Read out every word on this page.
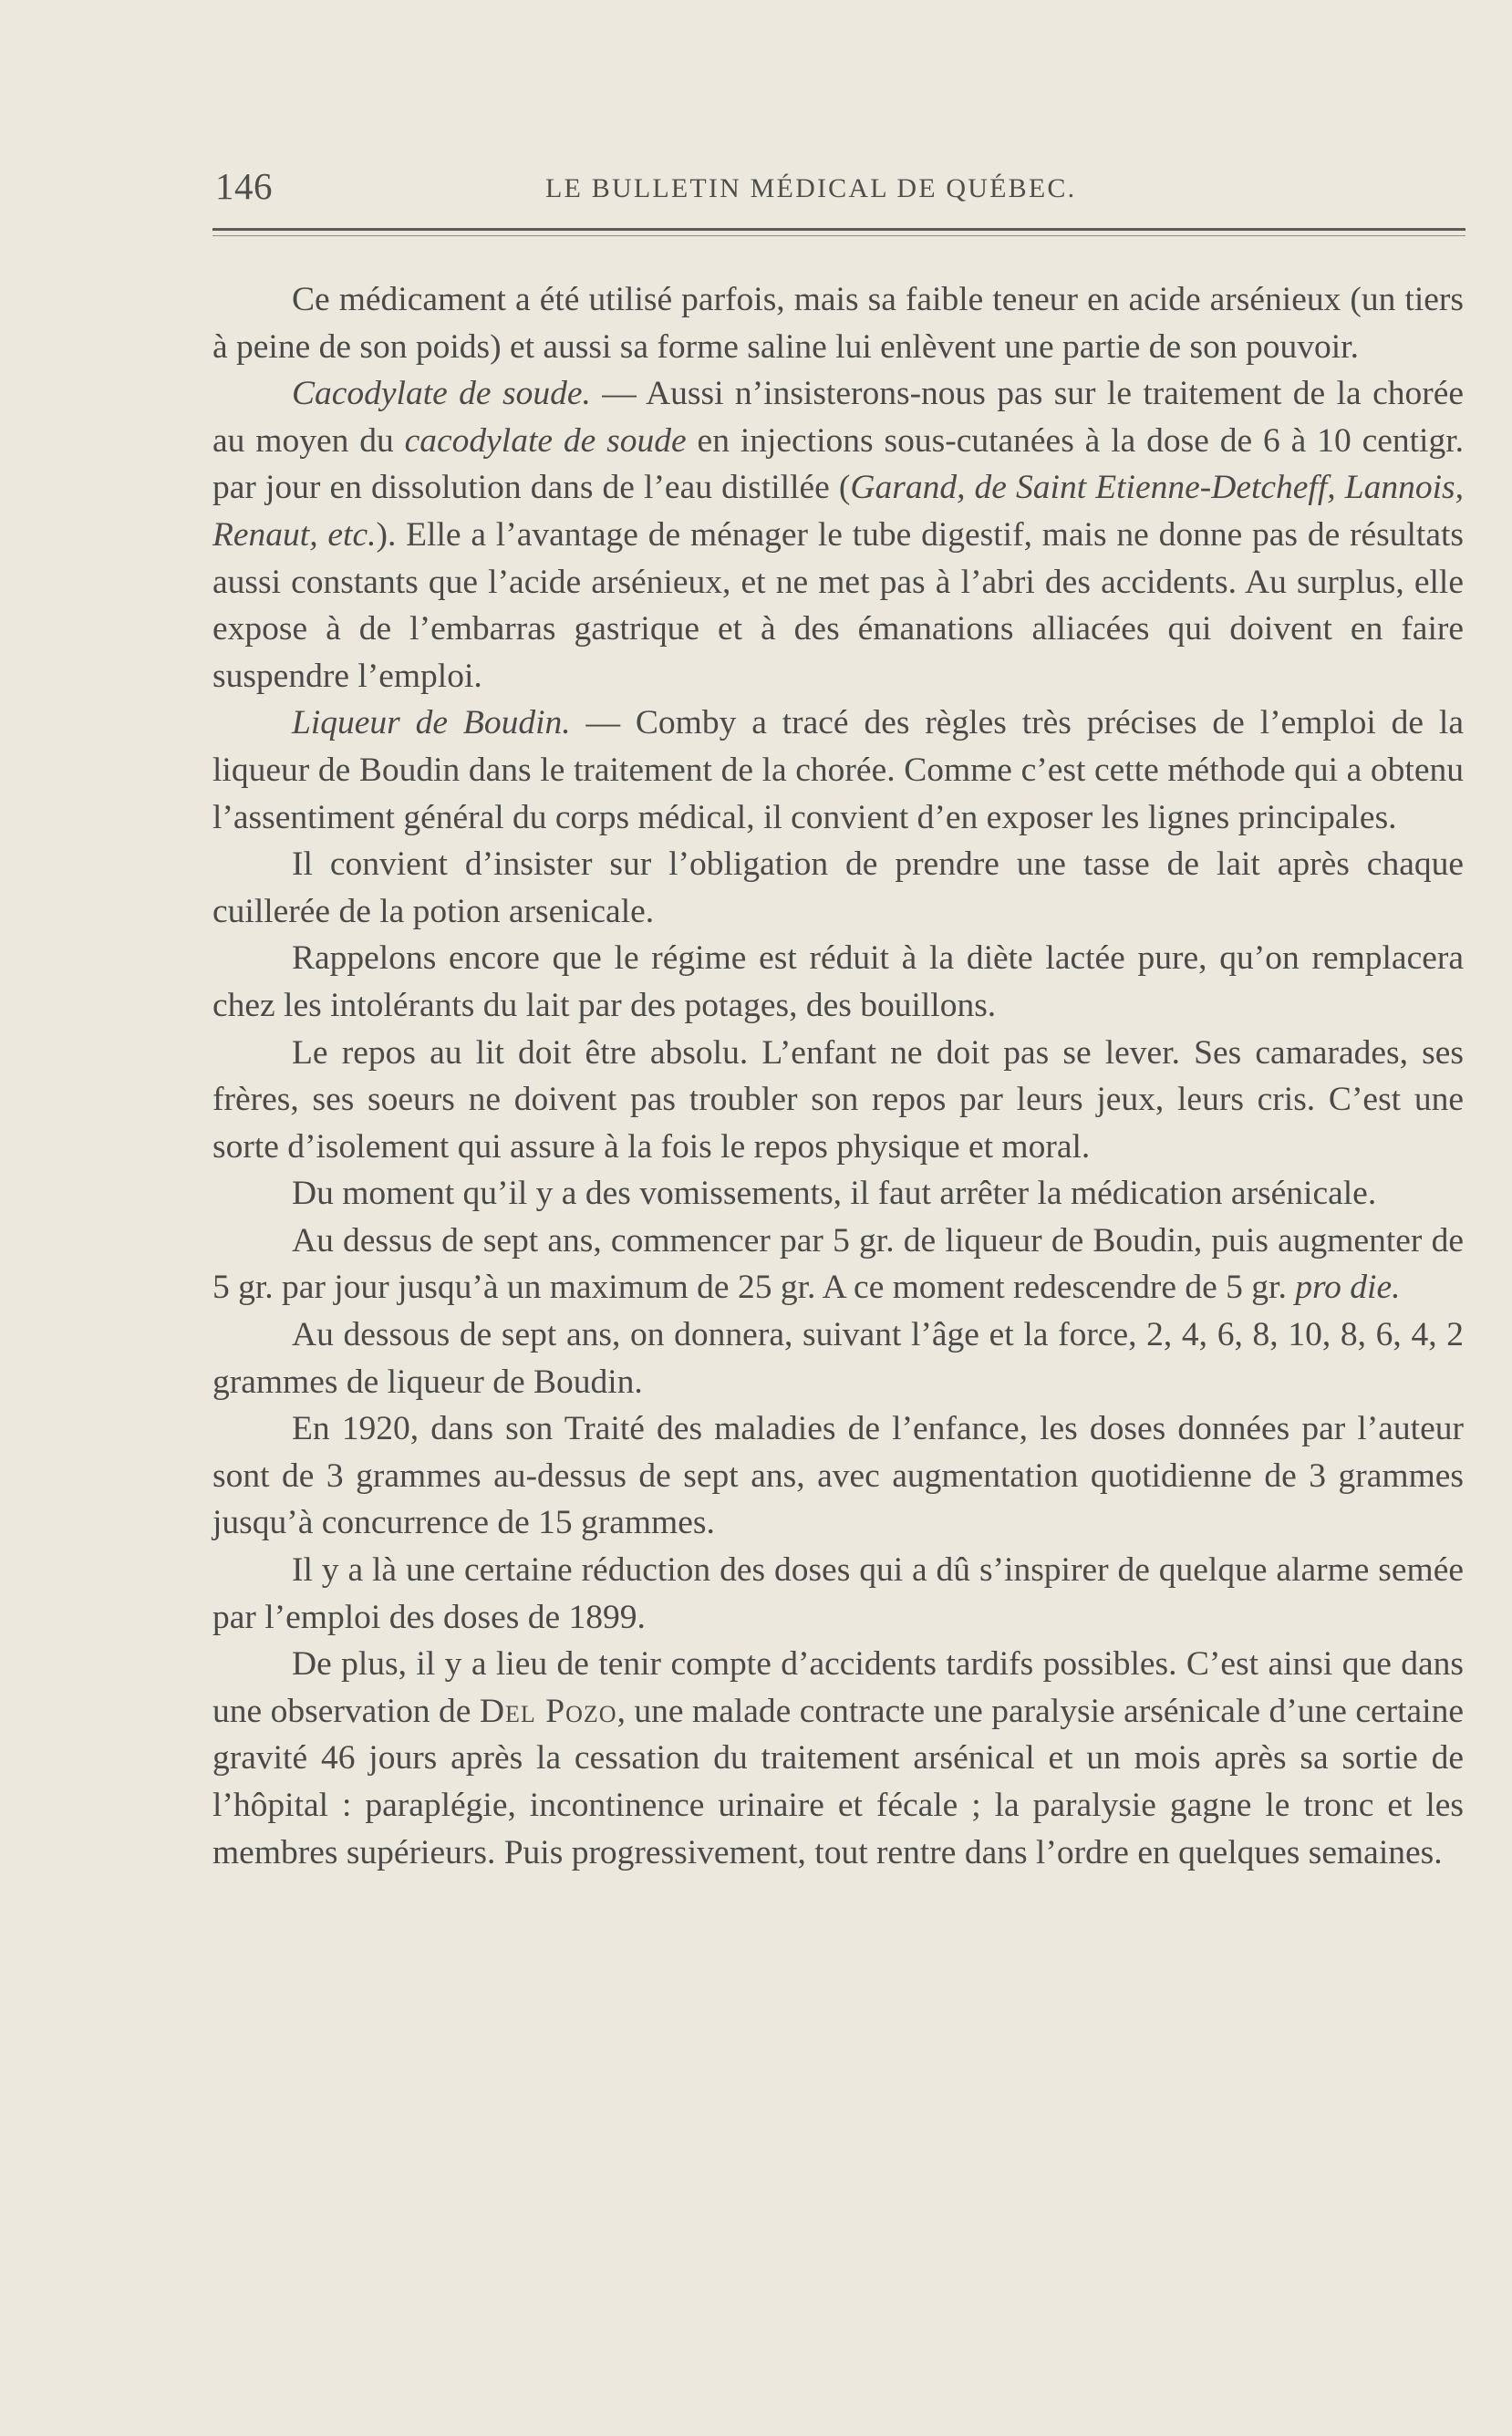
146	LE BULLETIN MÉDICAL DE QUÉBEC.

Ce médicament a été utilisé parfois, mais sa faible teneur en acide arsénieux (un tiers à peine de son poids) et aussi sa forme saline lui enlèvent une partie de son pouvoir.

Cacodylate de soude. — Aussi n’insisterons-nous pas sur le traitement de la chorée au moyen du cacodylate de soude en injections sous-cutanées à la dose de 6 à 10 centigr. par jour en dissolution dans de l’eau distillée (Garand, de Saint Etienne-Detcheff, Lannois, Renaut, etc.). Elle a l’avantage de ménager le tube digestif, mais ne donne pas de résultats aussi constants que l’acide arsénieux, et ne met pas à l’abri des accidents. Au surplus, elle expose à de l’embarras gastrique et à des émanations alliacées qui doivent en faire suspendre l’emploi.

Liqueur de Boudin. — Comby a tracé des règles très précises de l’emploi de la liqueur de Boudin dans le traitement de la chorée. Comme c’est cette méthode qui a obtenu l’assentiment général du corps médical, il convient d’en exposer les lignes principales.

Il convient d’insister sur l’obligation de prendre une tasse de lait après chaque cuillerée de la potion arsenicale.

Rappelons encore que le régime est réduit à la diète lactée pure, qu’on remplacera chez les intolérants du lait par des potages, des bouillons.

Le repos au lit doit être absolu. L’enfant ne doit pas se lever. Ses camarades, ses frères, ses soeurs ne doivent pas troubler son repos par leurs jeux, leurs cris. C’est une sorte d’isolement qui assure à la fois le repos physique et moral.

Du moment qu’il y a des vomissements, il faut arrêter la médication arsénicale.

Au dessus de sept ans, commencer par 5 gr. de liqueur de Boudin, puis augmenter de 5 gr. par jour jusqu’à un maximum de 25 gr. A ce moment redescendre de 5 gr. pro die.

Au dessous de sept ans, on donnera, suivant l’âge et la force, 2, 4, 6, 8, 10, 8, 6, 4, 2 grammes de liqueur de Boudin.

En 1920, dans son Traité des maladies de l’enfance, les doses données par l’auteur sont de 3 grammes au-dessus de sept ans, avec augmentation quotidienne de 3 grammes jusqu’à concurrence de 15 grammes.

Il y a là une certaine réduction des doses qui a dû s’inspirer de quelque alarme semée par l’emploi des doses de 1899.

De plus, il y a lieu de tenir compte d’accidents tardifs possibles. C’est ainsi que dans une observation de Del Pozo, une malade contracte une paralysie arsénicale d’une certaine gravité 46 jours après la cessation du traitement arsénical et un mois après sa sortie de l’hôpital : paraplégie, incontinence urinaire et fécale ; la paralysie gagne le tronc et les membres supérieurs. Puis progressivement, tout rentre dans l’ordre en quelques semaines.
